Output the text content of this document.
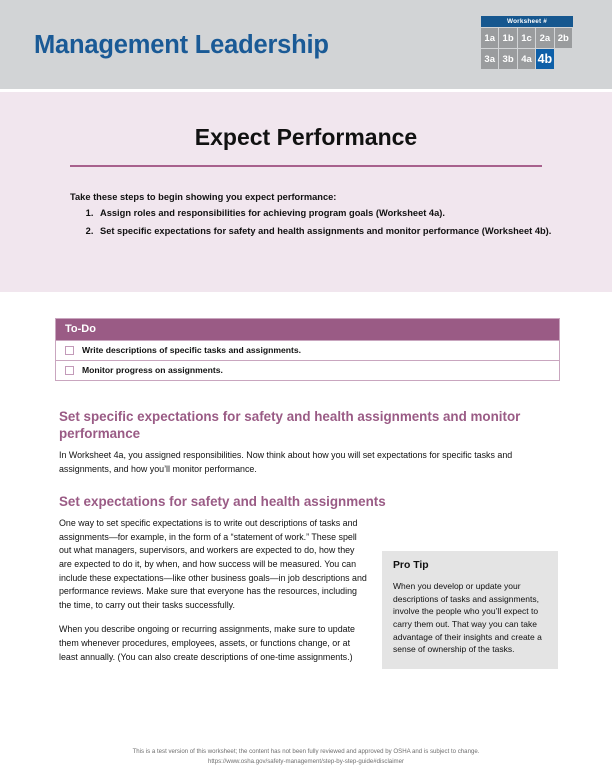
Management Leadership
Worksheet #
1a 1b 1c 2a 2b
3a 3b 4a 4b
Expect Performance
Take these steps to begin showing you expect performance:
1. Assign roles and responsibilities for achieving program goals (Worksheet 4a).
2. Set specific expectations for safety and health assignments and monitor performance (Worksheet 4b).
To-Do
Write descriptions of specific tasks and assignments.
Monitor progress on assignments.
Set specific expectations for safety and health assignments and monitor performance

In Worksheet 4a, you assigned responsibilities. Now think about how you will set expectations for specific tasks and assignments, and how you’ll monitor performance.

Set expectations for safety and health assignments
Pro Tip
When you develop or update your descriptions of tasks and assignments, involve the people who you’ll expect to carry them out. That way you can take advantage of their insights and create a sense of ownership of the tasks.

One way to set specific expectations is to write out descriptions of tasks and assignments—for example, in the form of a “statement of work.” These spell out what managers, supervisors, and workers are expected to do, how they are expected to do it, by when, and how success will be measured. You can include these expectations—like other business goals—in job descriptions and performance reviews. Make sure that everyone has the resources, including the time, to carry out their tasks successfully.

When you describe ongoing or recurring assignments, make sure to update them whenever procedures, employees, assets, or functions change, or at least annually. (You can also create descriptions of one-time assignments.)

This is a test version of this worksheet; the content has not been fully reviewed and approved by OSHA and is subject to change.
https://www.osha.gov/safety-management/step-by-step-guide#disclaimer
